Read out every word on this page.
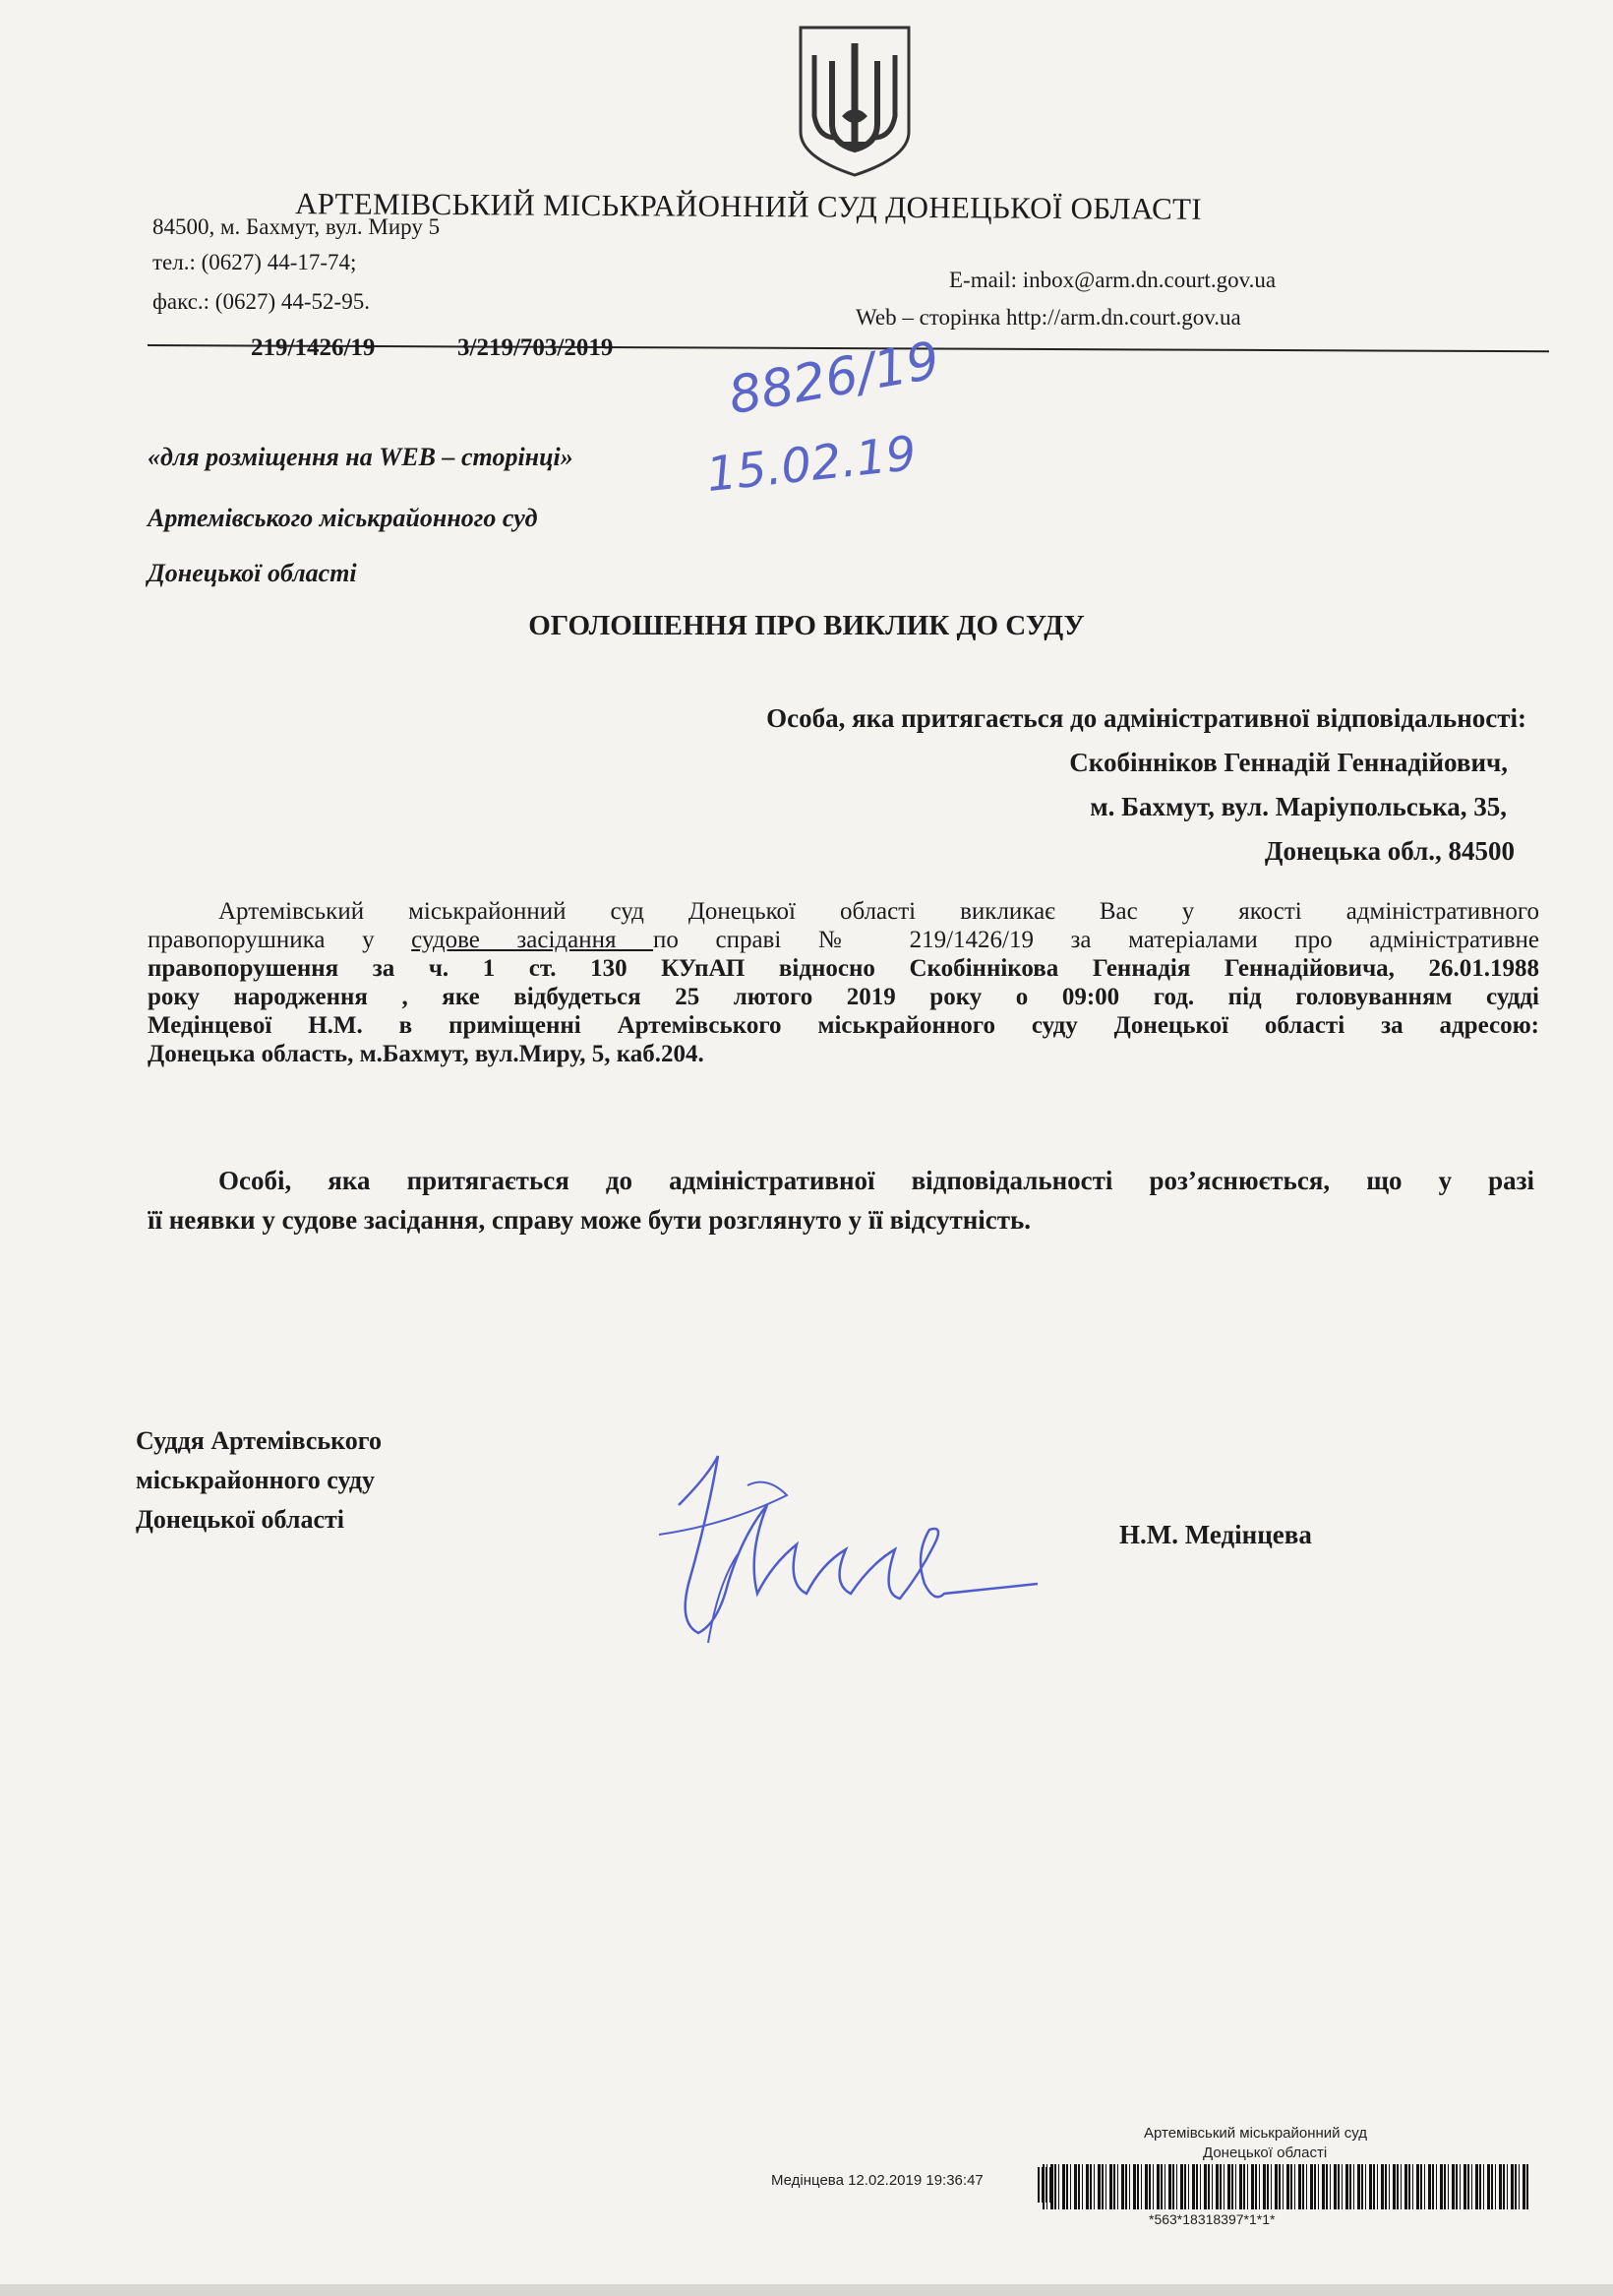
АРТЕМІВСЬКИЙ МІСЬКРАЙОННИЙ СУД ДОНЕЦЬКОЇ ОБЛАСТІ
84500, м. Бахмут, вул. Миру 5
тел.: (0627) 44-17-74;
факс.: (0627) 44-52-95.
E-mail: inbox@arm.dn.court.gov.ua
Web – сторінка http://arm.dn.court.gov.ua
219/1426/19	3/219/703/2019 8826/19
15.02.19
«для розміщення на WEB – сторінці»
Артемівського міськрайонного суд
Донецької області
ОГОЛОШЕННЯ ПРО ВИКЛИК ДО СУДУ
Особа, яка притягається до адміністративної відповідальності:
Скобінніков Геннадій Геннадійович,
м. Бахмут, вул. Маріупольська, 35,
Донецька обл., 84500
Артемівський міськрайонний суд Донецької області викликає Вас у якості адміністративного
правопорушника у судове засідання по справі № 219/1426/19 за матеріалами про адміністративне
правопорушення за ч. 1 ст. 130 КУпАП відносно Скобіннікова Геннадія Геннадійовича, 26.01.1988
року народження , яке відбудеться 25 лютого 2019 року о 09:00 год. під головуванням судді
Медінцевої Н.М. в приміщенні Артемівського міськрайонного суду Донецької області за адресою:
Донецька область, м.Бахмут, вул.Миру, 5, каб.204.
Особі, яка притягається до адміністративної відповідальності роз’яснюється, що у разі
її неявки у судове засідання, справу може бути розглянуто у її відсутність.
Суддя Артемівського
міськрайонного суду
Донецької області
Н.М. Медінцева
Артемівський міськрайонний суд
Донецької області
Медінцева 12.02.2019 19:36:47
*563*18318397*1*1*
